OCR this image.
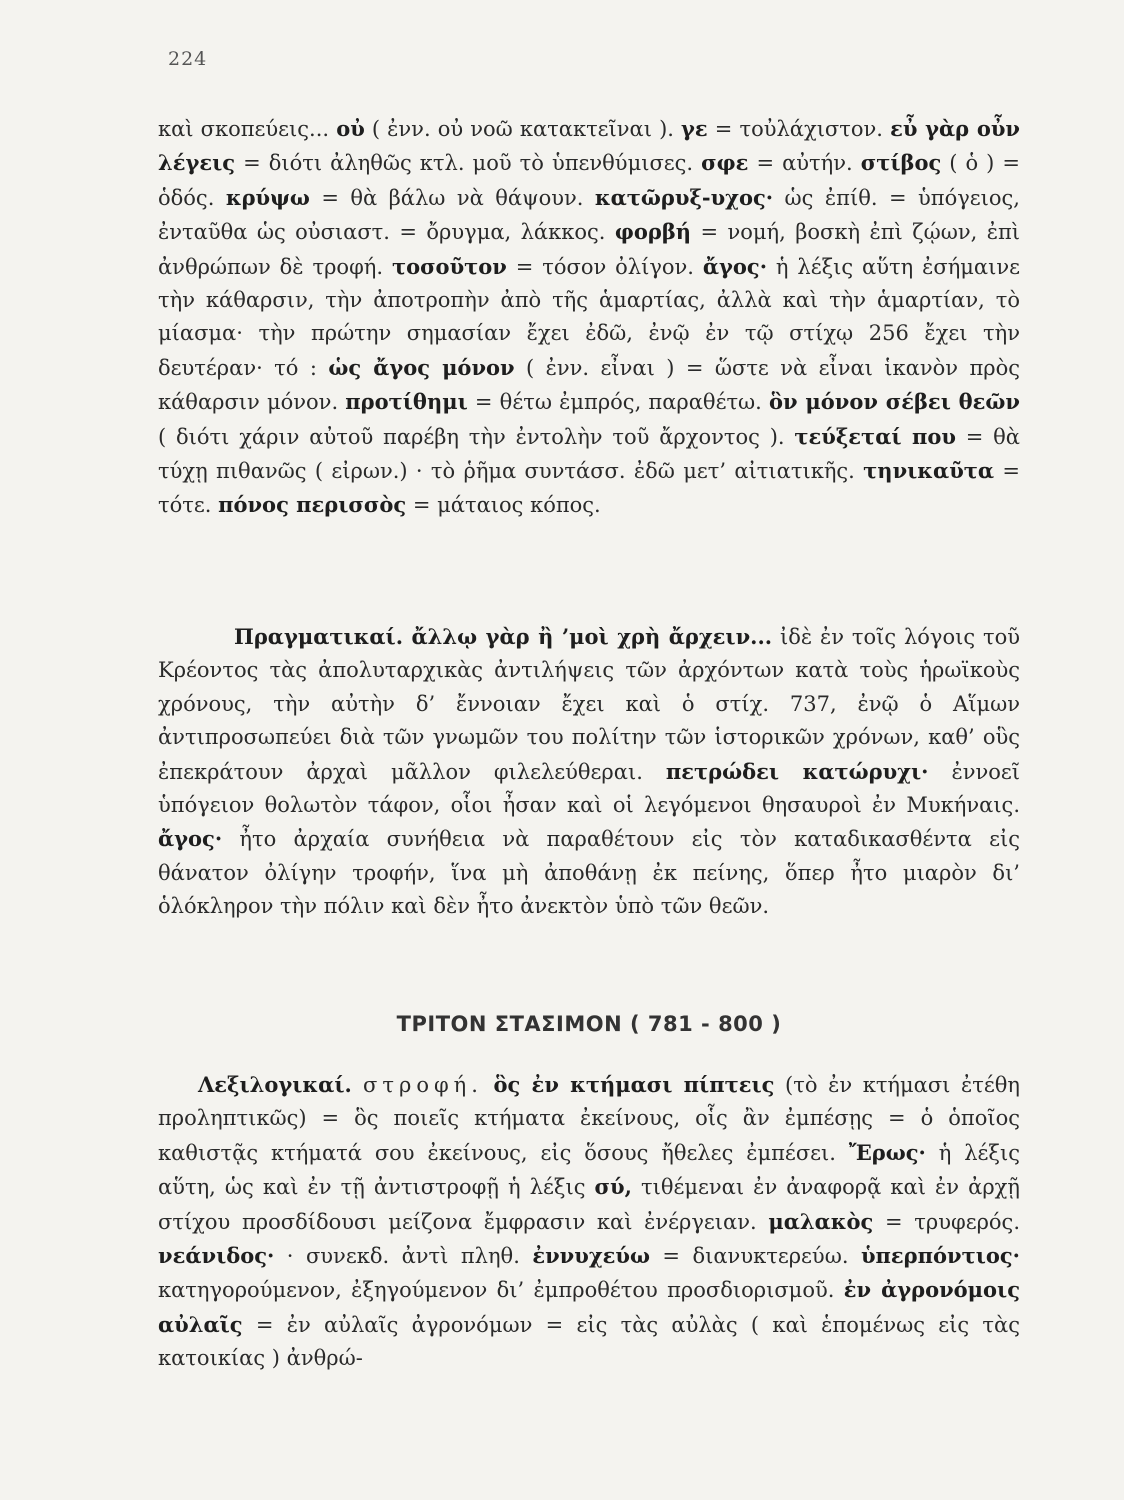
224

καὶ σκοπεύεις... οὐ ( ἐνν. οὐ νοῶ κατακτεῖναι ). γε = τοὐλάχιστον. εὖ γὰρ οὖν λέγεις = διότι ἀληθῶς κτλ. μοῦ τὸ ὑπενθύμισες. σφε = αὐτήν. στίβος ( ὁ ) = ὁδός. κρύψω = θὰ βάλω νὰ θάψουν. κατῶρυξ-υχος· ὡς ἐπίθ. = ὑπόγειος, ἐνταῦθα ὡς οὐσιαστ. = ὄρυγμα, λάκκος. φορβή = νομή, βοσκὴ ἐπὶ ζῴων, ἐπὶ ἀνθρώπων δὲ τροφή. τοσοῦτον = τόσον ὀλίγον. ἄγος· ἡ λέξις αὕτη ἐσήμαινε τὴν κάθαρσιν, τὴν ἀποτροπὴν ἀπὸ τῆς ἁμαρτίας, ἀλλὰ καὶ τὴν ἁμαρτίαν, τὸ μίασμα· τὴν πρώτην σημασίαν ἔχει ἐδῶ, ἐνῷ ἐν τῷ στίχῳ 256 ἔχει τὴν δευτέραν· τό : ὡς ἄγος μόνον ( ἐνν. εἶναι ) = ὥστε νὰ εἶναι ἱκανὸν πρὸς κάθαρσιν μόνον. προτίθημι = θέτω ἐμπρός, παραθέτω. ὃν μόνον σέβει θεῶν ( διότι χάριν αὐτοῦ παρέβη τὴν ἐντολὴν τοῦ ἄρχοντος ). τεύξεταί που = θὰ τύχῃ πιθανῶς ( εἰρων.) · τὸ ῥῆμα συντάσσ. ἐδῶ μετ’ αἰτιατικῆς. τηνικαῦτα = τότε. πόνος περισσὸς = μάταιος κόπος.

Πραγματικαί. ἄλλῳ γὰρ ἢ ’μοὶ χρὴ ἄρχειν... ἰδὲ ἐν τοῖς λόγοις τοῦ Κρέοντος τὰς ἀπολυταρχικὰς ἀντιλήψεις τῶν ἀρχόντων κατὰ τοὺς ἡρωϊκοὺς χρόνους, τὴν αὐτὴν δ’ ἔννοιαν ἔχει καὶ ὁ στίχ. 737, ἐνῷ ὁ Αἵμων ἀντιπροσωπεύει διὰ τῶν γνωμῶν του πολίτην τῶν ἱστορικῶν χρόνων, καθ’ οὓς ἐπεκράτουν ἀρχαὶ μᾶλλον φιλελεύθεραι. πετρώδει κατώρυχι· ἐννοεῖ ὑπόγειον θολωτὸν τάφον, οἷοι ἦσαν καὶ οἱ λεγόμενοι θησαυροὶ ἐν Μυκήναις. ἄγος· ἦτο ἀρχαία συνήθεια νὰ παραθέτουν εἰς τὸν καταδικασθέντα εἰς θάνατον ὀλίγην τροφήν, ἵνα μὴ ἀποθάνῃ ἐκ πείνης, ὅπερ ἦτο μιαρὸν δι’ ὁλόκληρον τὴν πόλιν καὶ δὲν ἦτο ἀνεκτὸν ὑπὸ τῶν θεῶν.

ΤΡΙΤΟΝ ΣΤΑΣΙΜΟΝ ( 781 - 800 )

Λεξιλογικαί. στροφή. ὃς ἐν κτήμασι πίπτεις (τὸ ἐν κτήμασι ἐτέθη προληπτικῶς) = ὃς ποιεῖς κτήματα ἐκείνους, οἷς ἂν ἐμπέσῃς = ὁ ὁποῖος καθιστᾷς κτήματά σου ἐκείνους, εἰς ὅσους ἤθελες ἐμπέσει. Ἔρως· ἡ λέξις αὕτη, ὡς καὶ ἐν τῇ ἀντιστροφῇ ἡ λέξις σύ, τιθέμεναι ἐν ἀναφορᾷ καὶ ἐν ἀρχῇ στίχου προσδίδουσι μείζονα ἔμφρασιν καὶ ἐνέργειαν. μαλακὸς = τρυφερός. νεάνιδος· · συνεκδ. ἀντὶ πληθ. ἐννυχεύω = διανυκτερεύω. ὑπερπόντιος· κατηγορούμενον, ἐξηγούμενον δι’ ἐμπροθέτου προσδιορισμοῦ. ἐν ἀγρονόμοις αὐλαῖς = ἐν αὐλαῖς ἀγρονόμων = εἰς τὰς αὐλὰς ( καὶ ἑπομένως εἰς τὰς κατοικίας ) ἀνθρώ-
